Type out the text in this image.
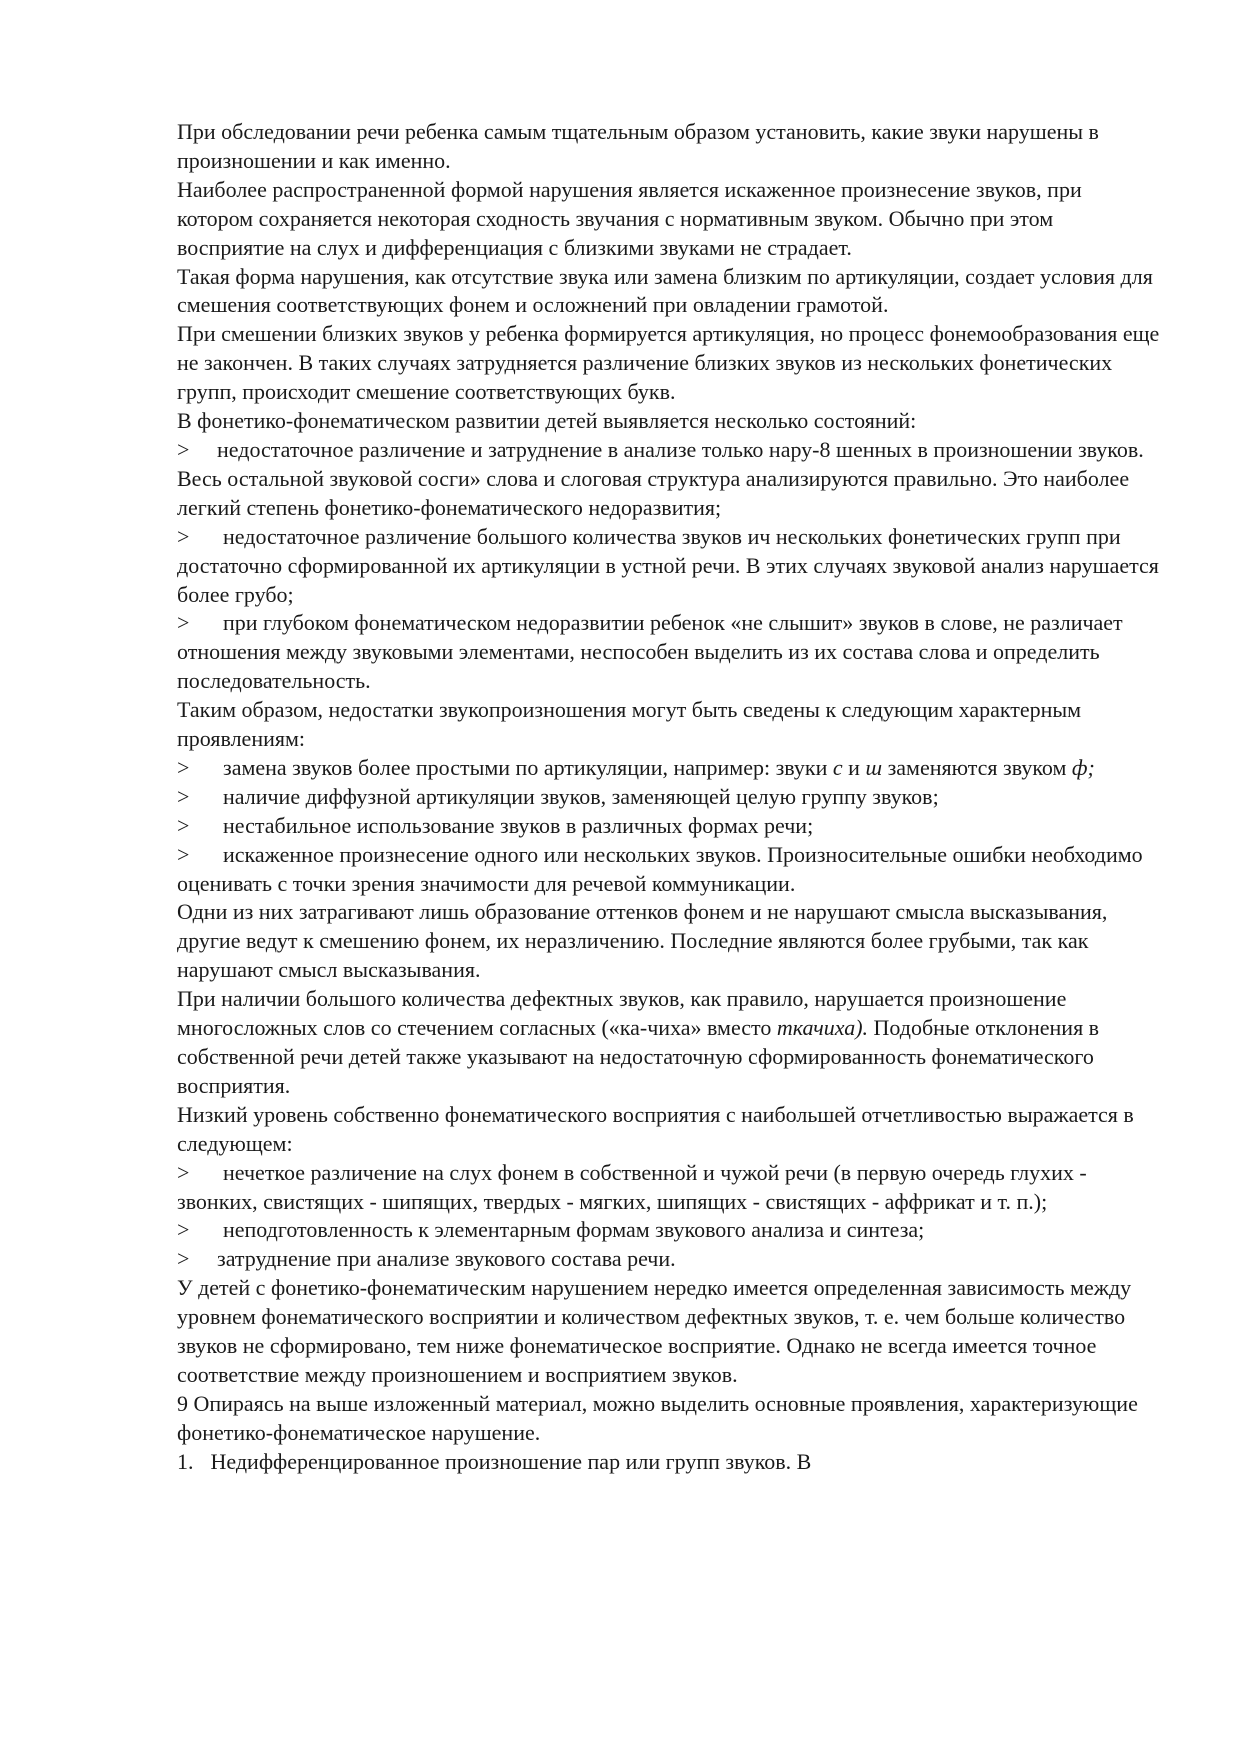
При обследовании речи ребенка самым тщательным образом установить, какие звуки нарушены в произношении и как именно.

Наиболее распространенной формой нарушения является искаженное произнесение звуков, при котором сохраняется некоторая сходность звучания с нормативным звуком. Обычно при этом восприятие на слух и дифференциация с близкими звуками не страдает.

Такая форма нарушения, как отсутствие звука или замена близким по артикуляции, создает условия для смешения соответствующих фонем и осложнений при овладении грамотой.

При смешении близких звуков у ребенка формируется артикуляция, но процесс фонемообразования еще не закончен. В таких случаях затрудняется различение близких звуков из нескольких фонетических групп, происходит смешение соответствующих букв.

В фонетико-фонематическом развитии детей выявляется несколько состояний:

> недостаточное различение и затруднение в анализе только нару-8 шенных в произношении звуков. Весь остальной звуковой сосги» слова и слоговая структура анализируются правильно. Это наиболее легкий степень фонетико-фонематического недоразвития;

> недостаточное различение большого количества звуков ич нескольких фонетических групп при достаточно сформированной их артикуляции в устной речи. В этих случаях звуковой анализ нарушается более грубо;

> при глубоком фонематическом недоразвитии ребенок «не слышит» звуков в слове, не различает отношения между звуковыми элементами, неспособен выделить из их состава слова и определить последовательность.

Таким образом, недостатки звукопроизношения могут быть сведены к следующим характерным проявлениям:

> замена звуков более простыми по артикуляции, например: звуки с и ш заменяются звуком ф;

> наличие диффузной артикуляции звуков, заменяющей целую группу звуков;

> нестабильное использование звуков в различных формах речи;

> искаженное произнесение одного или нескольких звуков. Произносительные ошибки необходимо оценивать с точки зрения значимости для речевой коммуникации.

Одни из них затрагивают лишь образование оттенков фонем и не нарушают смысла высказывания, другие ведут к смешению фонем, их неразличению. Последние являются более грубыми, так как нарушают смысл высказывания.

При наличии большого количества дефектных звуков, как правило, нарушается произношение многосложных слов со стечением согласных («ка-чиха» вместо ткачиха). Подобные отклонения в собственной речи детей также указывают на недостаточную сформированность фонематического восприятия.

Низкий уровень собственно фонематического восприятия с наибольшей отчетливостью выражается в следующем:

> нечеткое различение на слух фонем в собственной и чужой речи (в первую очередь глухих - звонких, свистящих - шипящих, твердых - мягких, шипящих - свистящих - аффрикат и т. п.);

> неподготовленность к элементарным формам звукового анализа и синтеза;

> затруднение при анализе звукового состава речи.

У детей с фонетико-фонематическим нарушением нередко имеется определенная зависимость между уровнем фонематического восприятии и количеством дефектных звуков, т. е. чем больше количество звуков не сформировано, тем ниже фонематическое восприятие. Однако не всегда имеется точное соответствие между произношением и восприятием звуков.

9 Опираясь на выше изложенный материал, можно выделить основные проявления, характеризующие фонетико-фонематическое нарушение.

1. Недифференцированное произношение пар или групп звуков. В
